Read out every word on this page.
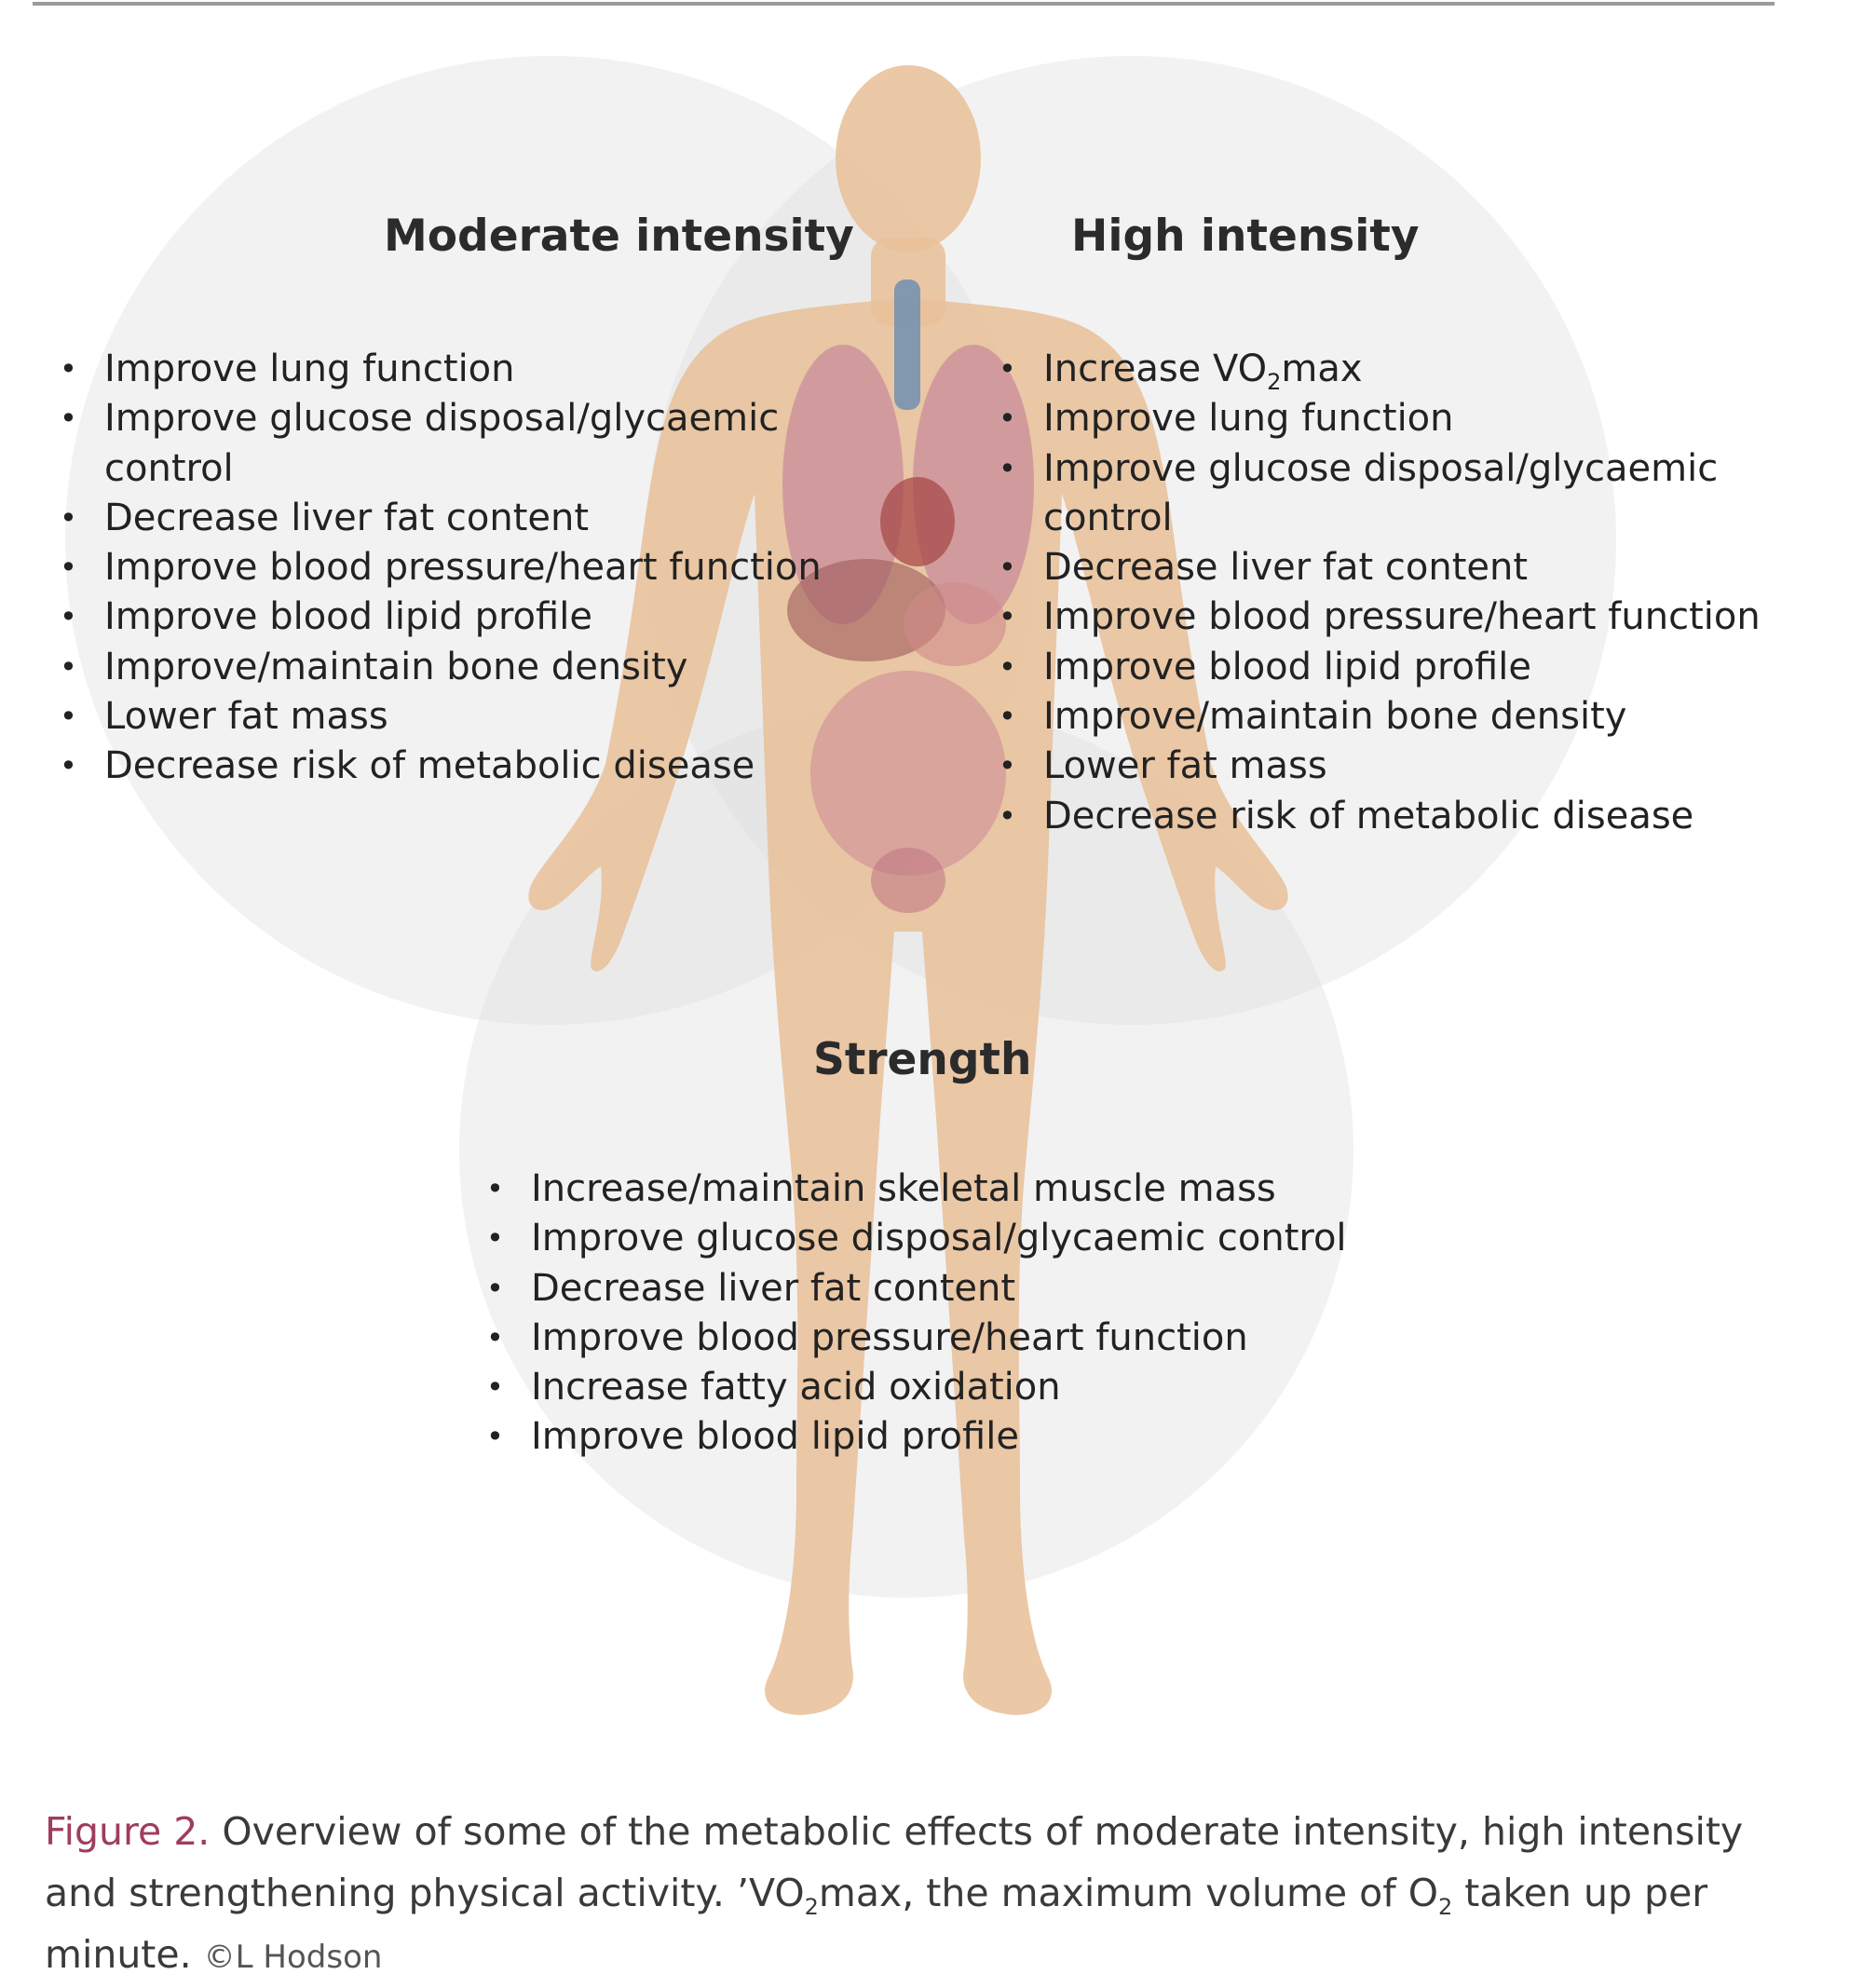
Moderate intensity	High intensity
Strength
• Improve lung function
• Improve glucose disposal/glycaemic
control
• Decrease liver fat content
• Improve blood pressure/heart function
• Improve blood lipid profile
• Improve/maintain bone density
• Lower fat mass
• Decrease risk of metabolic disease
• Increase $VO_2\max$
• Improve lung function
• Improve glucose disposal/glycaemic
control
• Decrease liver fat content
• Improve blood pressure/heart function
• Improve blood lipid profile
• Improve/maintain bone density
• Lower fat mass
• Decrease risk of metabolic disease
• Increase/maintain skeletal muscle mass
• Improve glucose disposal/glycaemic control
• Decrease liver fat content
• Improve blood pressure/heart function
• Increase fatty acid oxidation
• Improve blood lipid profile

Figure 2. Overview of some of the metabolic effects of moderate intensity, high intensity and strengthening physical activity. $’VO_2\max$, the maximum volume of $O_2$ taken up per minute. ©L Hodson
